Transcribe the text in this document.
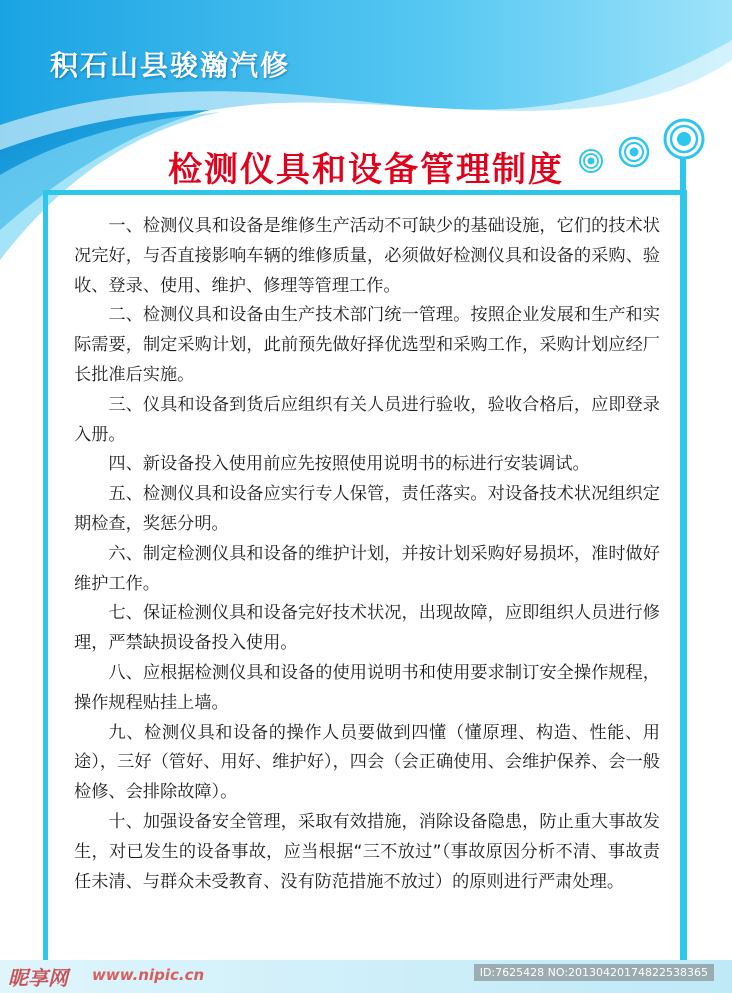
积石山县骏瀚汽修
检测仪具和设备管理制度

一、检测仪具和设备是维修生产活动不可缺少的基础设施，它们的技术状况完好，与否直接影响车辆的维修质量，必须做好检测仪具和设备的采购、验收、登录、使用、维护、修理等管理工作。

二、检测仪具和设备由生产技术部门统一管理。按照企业发展和生产和实际需要，制定采购计划，此前预先做好择优选型和采购工作，采购计划应经厂长批准后实施。

三、仪具和设备到货后应组织有关人员进行验收，验收合格后，应即登录入册。

四、新设备投入使用前应先按照使用说明书的标进行安装调试。

五、检测仪具和设备应实行专人保管，责任落实。对设备技术状况组织定期检查，奖惩分明。

六、制定检测仪具和设备的维护计划，并按计划采购好易损坏，准时做好维护工作。

七、保证检测仪具和设备完好技术状况，出现故障，应即组织人员进行修理，严禁缺损设备投入使用。

八、应根据检测仪具和设备的使用说明书和使用要求制订安全操作规程，操作规程贴挂上墙。

九、检测仪具和设备的操作人员要做到四懂（懂原理、构造、性能、用途），三好（管好、用好、维护好），四会（会正确使用、会维护保养、会一般检修、会排除故障）。

十、加强设备安全管理，采取有效措施，消除设备隐患，防止重大事故发生，对已发生的设备事故，应当根据“三不放过”（事故原因分析不清、事故责任未清、与群众未受教育、没有防范措施不放过）的原则进行严肃处理。

昵享网 www.nipic.cn	ID:7625428 NO:20130420174822538365
